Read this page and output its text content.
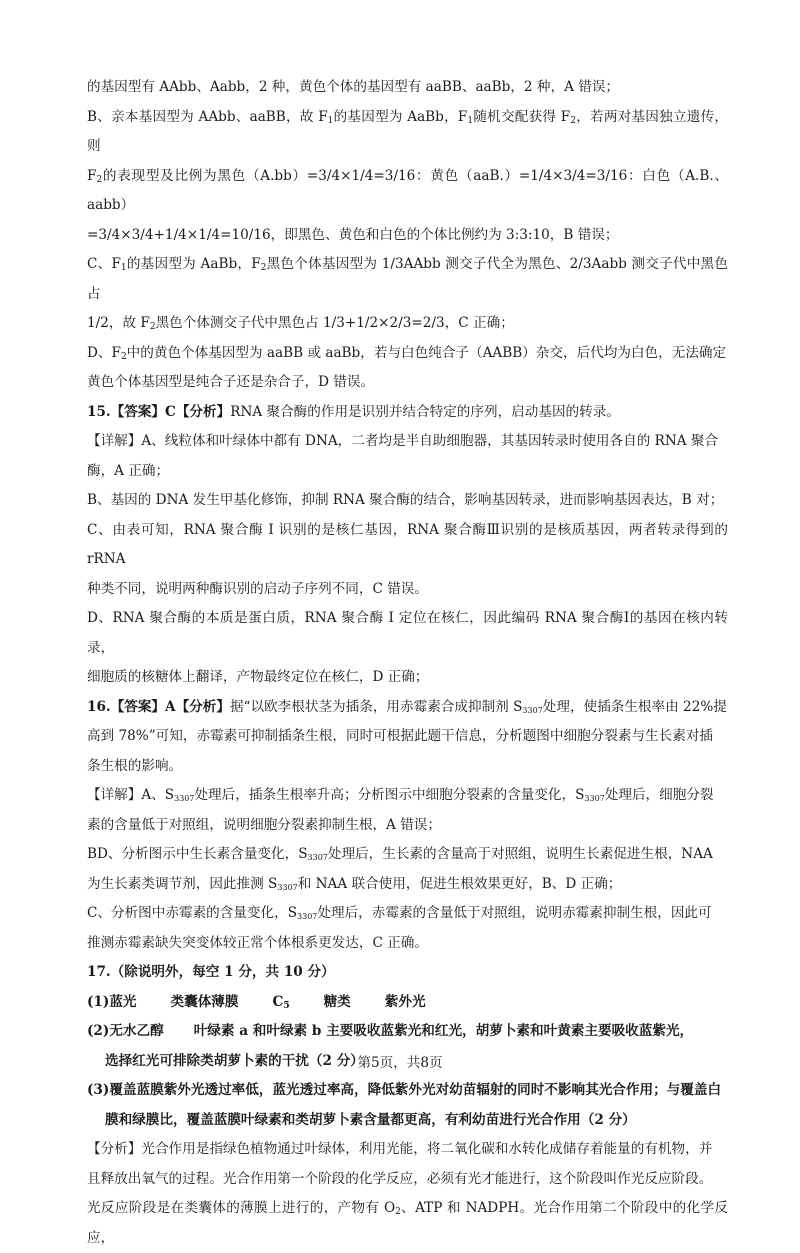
的基因型有 AAbb、Aabb，2 种，黄色个体的基因型有 aaBB、aaBb，2 种，A 错误；

B、亲本基因型为 AAbb、aaBB，故 $F_1$的基因型为 AaBb，$F_1$随机交配获得 $F_2$，若两对基因独立遗传，则

$F_2$的表现型及比例为黑色（A.bb）=3/4×1/4=3/16：黄色（aaB.）=1/4×3/4=3/16：白色（A.B.、aabb）

=3/4×3/4+1/4×1/4=10/16，即黑色、黄色和白色的个体比例约为 3:3:10，B 错误；

C、$F_1$的基因型为 AaBb，$F_2$黑色个体基因型为 1/3AAbb 测交子代全为黑色、2/3Aabb 测交子代中黑色占

1/2，故 $F_2$黑色个体测交子代中黑色占 1/3+1/2×2/3=2/3，C 正确；

D、$F_2$中的黄色个体基因型为 aaBB 或 aaBb，若与白色纯合子（AABB）杂交，后代均为白色，无法确定

黄色个体基因型是纯合子还是杂合子，D 错误。

15.【答案】C【分析】RNA 聚合酶的作用是识别并结合特定的序列，启动基因的转录。

【详解】A、线粒体和叶绿体中都有 DNA，二者均是半自助细胞器，其基因转录时使用各自的 RNA 聚合

酶，A 正确；

B、基因的 DNA 发生甲基化修饰，抑制 RNA 聚合酶的结合，影响基因转录，进而影响基因表达，B 对；

C、由表可知，RNA 聚合酶 I 识别的是核仁基因，RNA 聚合酶Ⅲ识别的是核质基因，两者转录得到的 rRNA

种类不同，说明两种酶识别的启动子序列不同，C 错误。

D、RNA 聚合酶的本质是蛋白质，RNA 聚合酶 I 定位在核仁，因此编码 RNA 聚合酶I的基因在核内转录，

细胞质的核糖体上翻译，产物最终定位在核仁，D 正确；

16.【答案】A【分析】据“以欧李根状茎为插条，用赤霉素合成抑制剂 S3307处理，使插条生根率由 22%提

高到 78%”可知，赤霉素可抑制插条生根，同时可根据此题干信息，分析题图中细胞分裂素与生长素对插

条生根的影响。

【详解】A、S3307处理后，插条生根率升高；分析图示中细胞分裂素的含量变化，S3307处理后，细胞分裂

素的含量低于对照组，说明细胞分裂素抑制生根，A 错误；

BD、分析图示中生长素含量变化，S3307处理后，生长素的含量高于对照组，说明生长素促进生根，NAA

为生长素类调节剂，因此推测 S3307和 NAA 联合使用，促进生根效果更好，B、D 正确；

C、分析图中赤霉素的含量变化，S3307处理后，赤霉素的含量低于对照组，说明赤霉素抑制生根，因此可

推测赤霉素缺失突变体较正常个体根系更发达，C 正确。

17.（除说明外，每空 1 分，共 10 分）

(1)蓝光	类囊体薄膜	$C_5$	糖类	紫外光

(2)无水乙醇 叶绿素 a 和叶绿素 b 主要吸收蓝紫光和红光，胡萝卜素和叶黄素主要吸收蓝紫光，

选择红光可排除类胡萝卜素的干扰（2 分）

(3)覆盖蓝膜紫外光透过率低，蓝光透过率高，降低紫外光对幼苗辐射的同时不影响其光合作用；与覆盖白

膜和绿膜比，覆盖蓝膜叶绿素和类胡萝卜素含量都更高，有利幼苗进行光合作用（2 分）

【分析】光合作用是指绿色植物通过叶绿体，利用光能，将二氧化碳和水转化成储存着能量的有机物，并

且释放出氧气的过程。光合作用第一个阶段的化学反应，必须有光才能进行，这个阶段叫作光反应阶段。

光反应阶段是在类囊体的薄膜上进行的，产物有 $O_2$、ATP 和 NADPH。光合作用第二个阶段中的化学反应，

第5页，共8页
